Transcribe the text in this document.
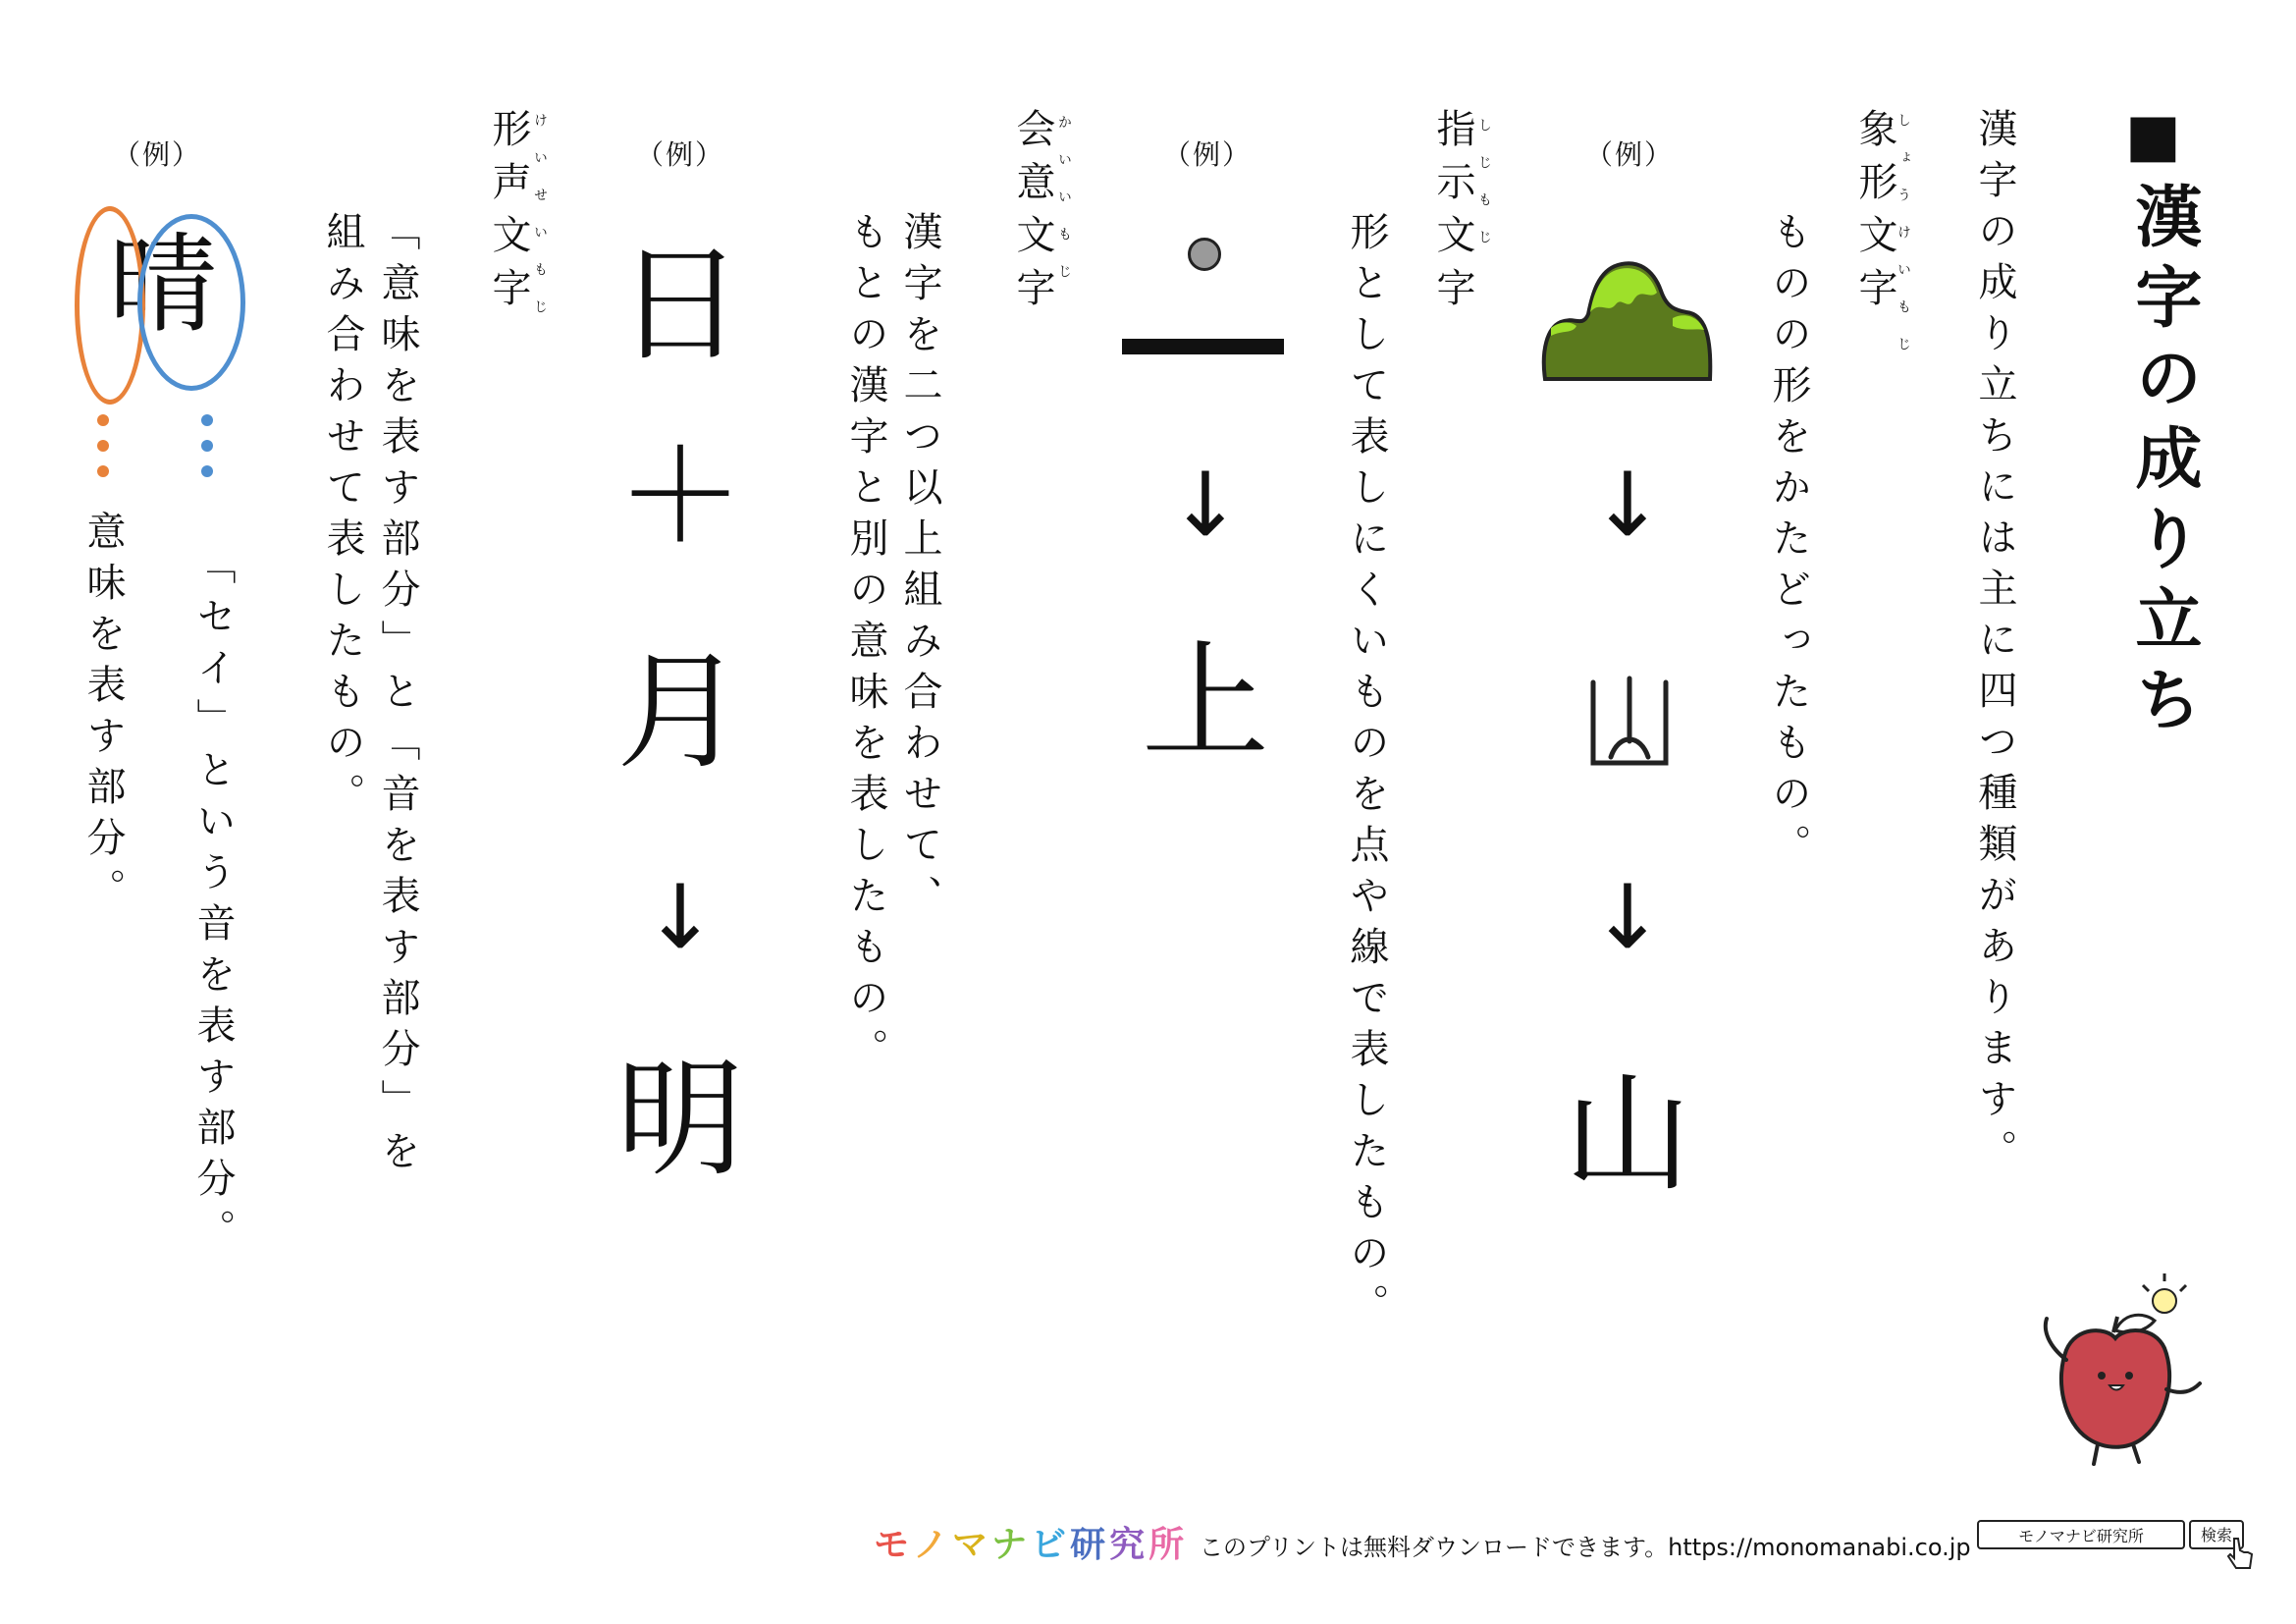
■
漢字の成り立ち
漢字の成り立ちには主に四つ種類があります。
象形文字
しょうけいもじ
ものの形をかたどったもの。
（例）
↓
↓
山
指示文字 しじもじ
形として表しにくいものを点や線で表したもの。
（例）
↓
上
会意文字 かいいもじ
漢字を二つ以上組み合わせて、
もとの漢字と別の意味を表したもの。
（例）
日
＋
月
↓
明
形声文字 けいせいもじ
「意味を表す部分」と「音を表す部分」を
組み合わせて表したもの。
（例）
晴
「セイ」という音を表す部分。
意味を表す部分。
モ ノ マ ナ ビ 研 究 所 このプリントは無料ダウンロードできます。https://monomanabi.co.jp	モノマナビ研究所	検索
